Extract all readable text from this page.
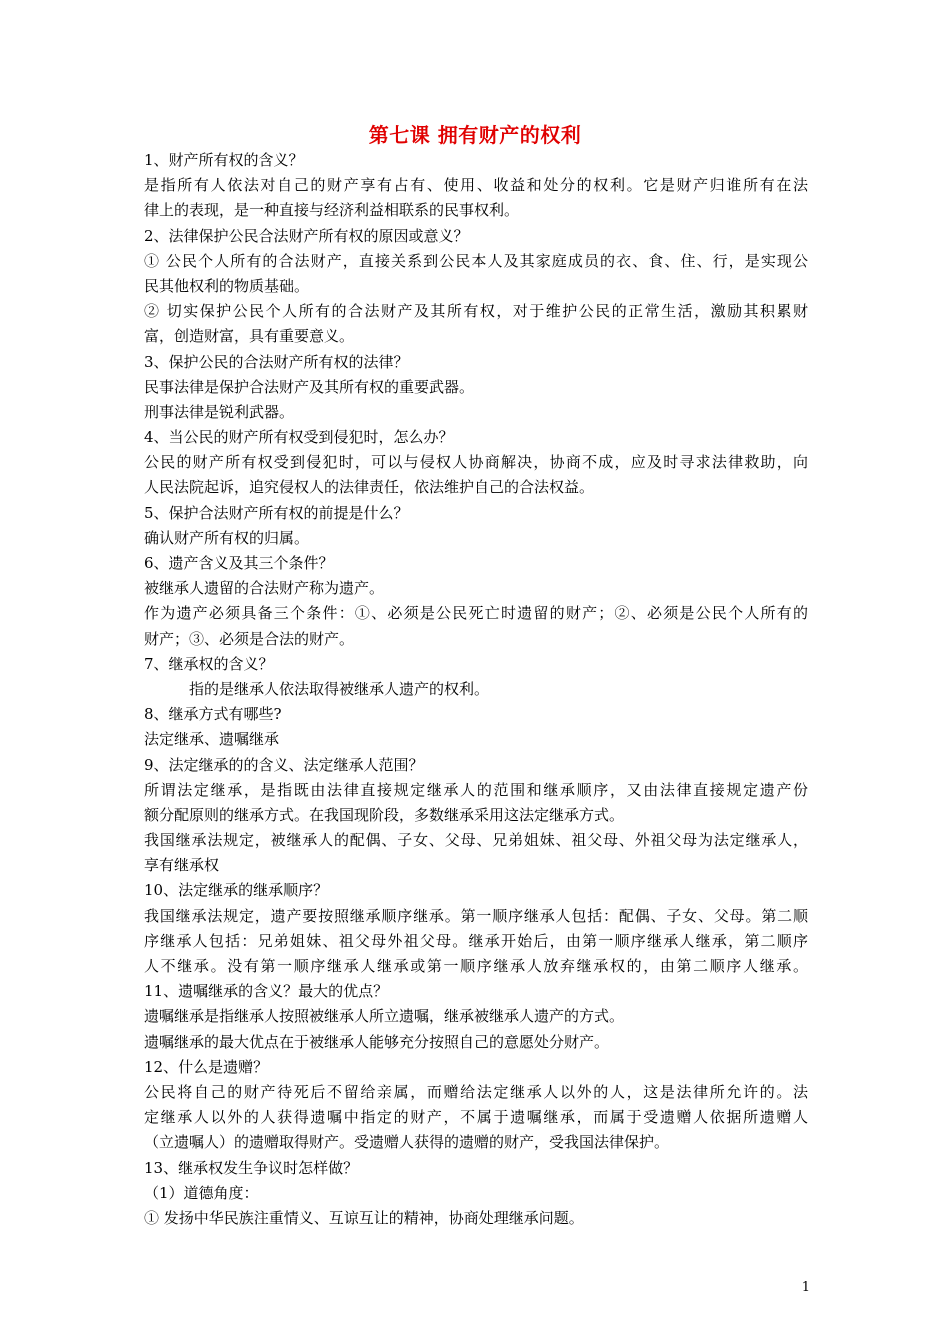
第七课 拥有财产的权利
1、财产所有权的含义？
是指所有人依法对自己的财产享有占有、使用、收益和处分的权利。它是财产归谁所有在法
律上的表现，是一种直接与经济利益相联系的民事权利。
2、法律保护公民合法财产所有权的原因或意义？
① 公民个人所有的合法财产，直接关系到公民本人及其家庭成员的衣、食、住、行，是实现公
民其他权利的物质基础。
② 切实保护公民个人所有的合法财产及其所有权，对于维护公民的正常生活，激励其积累财
富，创造财富，具有重要意义。
3、保护公民的合法财产所有权的法律？
民事法律是保护合法财产及其所有权的重要武器。
刑事法律是锐利武器。
4、当公民的财产所有权受到侵犯时，怎么办？
公民的财产所有权受到侵犯时，可以与侵权人协商解决，协商不成，应及时寻求法律救助，向
人民法院起诉，追究侵权人的法律责任，依法维护自己的合法权益。
5、保护合法财产所有权的前提是什么？
确认财产所有权的归属。
6、遗产含义及其三个条件？
被继承人遗留的合法财产称为遗产。
作为遗产必须具备三个条件：①、必须是公民死亡时遗留的财产；②、必须是公民个人所有的
财产；③、必须是合法的财产。
7、继承权的含义？
指的是继承人依法取得被继承人遗产的权利。
8、继承方式有哪些?
法定继承、遗嘱继承
9、法定继承的的含义、法定继承人范围？
所谓法定继承，是指既由法律直接规定继承人的范围和继承顺序，又由法律直接规定遗产份
额分配原则的继承方式。在我国现阶段，多数继承采用这法定继承方式。
我国继承法规定，被继承人的配偶、子女、父母、兄弟姐妹、祖父母、外祖父母为法定继承人，
享有继承权
10、法定继承的继承顺序？
我国继承法规定，遗产要按照继承顺序继承。第一顺序继承人包括：配偶、子女、父母。第二顺
序继承人包括：兄弟姐妹、祖父母外祖父母。继承开始后，由第一顺序继承人继承，第二顺序
人不继承。没有第一顺序继承人继承或第一顺序继承人放弃继承权的，由第二顺序人继承。
11、遗嘱继承的含义？最大的优点？
遗嘱继承是指继承人按照被继承人所立遗嘱，继承被继承人遗产的方式。
遗嘱继承的最大优点在于被继承人能够充分按照自己的意愿处分财产。
12、什么是遗赠？
公民将自己的财产待死后不留给亲属，而赠给法定继承人以外的人，这是法律所允许的。法
定继承人以外的人获得遗嘱中指定的财产，不属于遗嘱继承，而属于受遗赠人依据所遗赠人
（立遗嘱人）的遗赠取得财产。受遗赠人获得的遗赠的财产，受我国法律保护。
13、继承权发生争议时怎样做？
（1）道德角度：
① 发扬中华民族注重情义、互谅互让的精神，协商处理继承问题。
1
